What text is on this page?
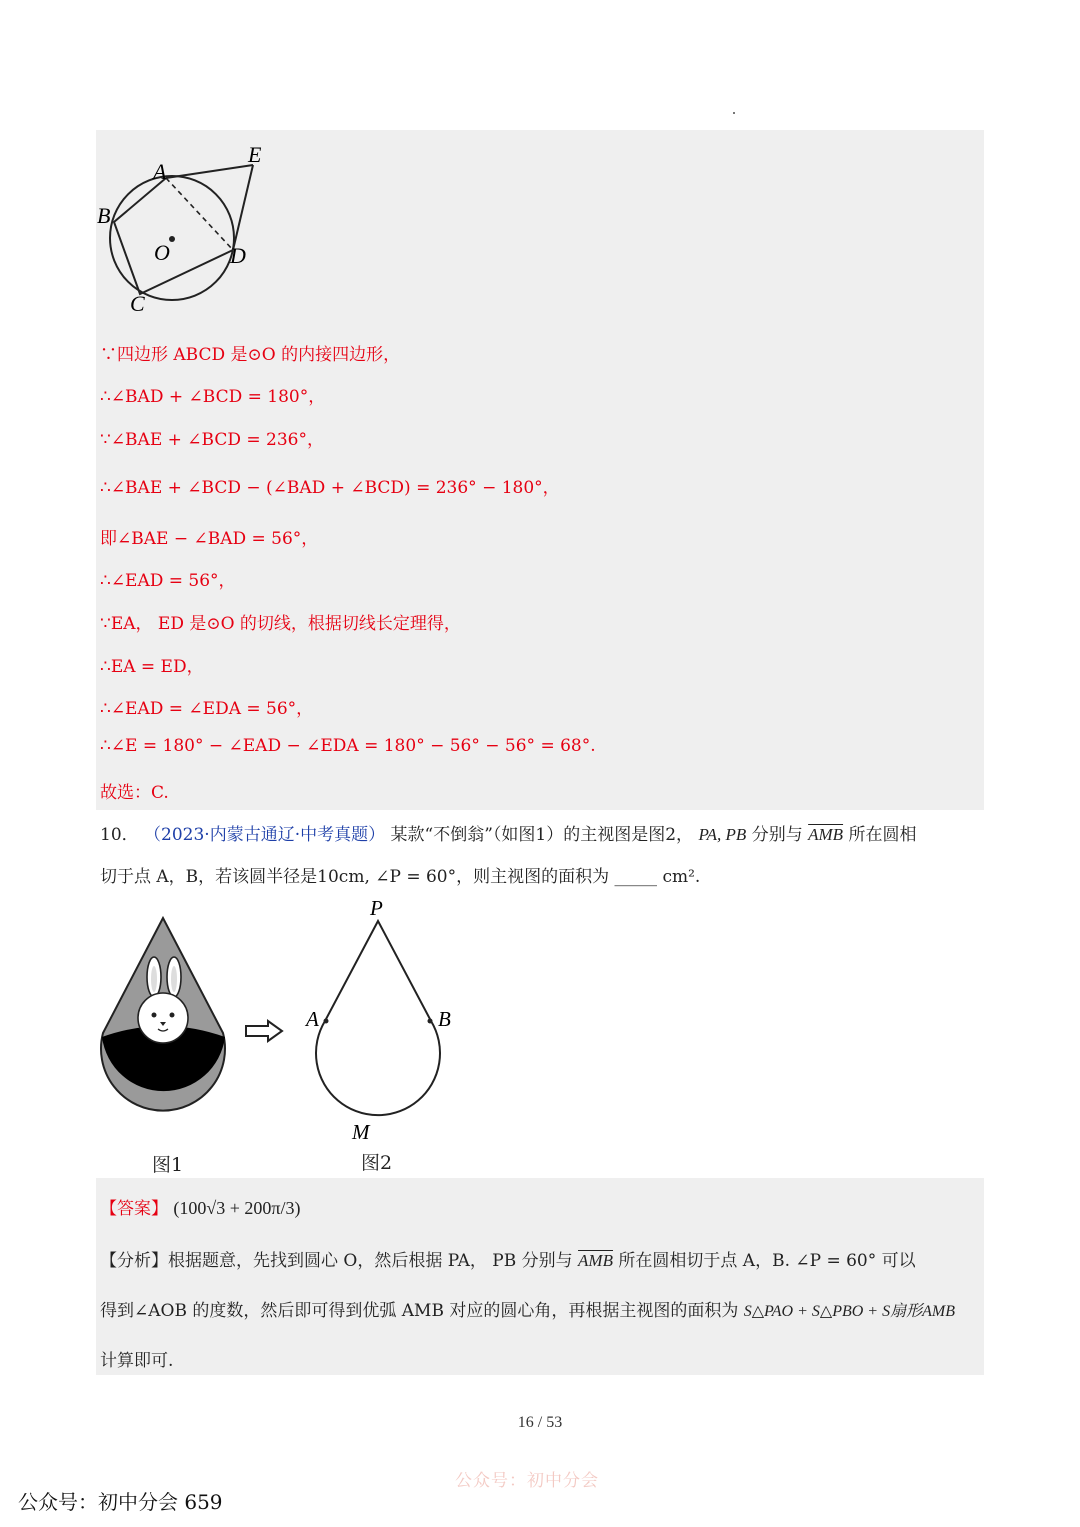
A
E
B
O	D
C
∵四边形 ABCD 是⊙O 的内接四边形，
∴∠BAD + ∠BCD = 180°，
∵∠BAE + ∠BCD = 236°，
∴∠BAE + ∠BCD − (∠BAD + ∠BCD) = 236° − 180°，
即∠BAE − ∠BAD = 56°，
∴∠EAD = 56°，
∵EA， ED 是⊙O 的切线，根据切线长定理得，
∴EA = ED，
∴∠EAD = ∠EDA = 56°，
∴∠E = 180° − ∠EAD − ∠EDA = 180° − 56° − 56° = 68°.
故选：C.
10． （2023·内蒙古通辽·中考真题） 某款“不倒翁”（如图1）的主视图是图2， PA, PB 分别与 $\overline{AMB}$ 所在圆相
切于点 A，B，若该圆半径是10cm, ∠P = 60°，则主视图的面积为 _____ cm².
P
A	B
M
图1	图2
【答案】 (100√3 + 200π/3)
【分析】根据题意，先找到圆心 O，然后根据 PA， PB 分别与 $\overline{AMB}$ 所在圆相切于点 A，B. ∠P = 60° 可以
得到∠AOB 的度数，然后即可得到优弧 AMB 对应的圆心角，再根据主视图的面积为 S△PAO + S△PBO + S扇形AMB
计算即可.
16 / 53
公众号：初中分会
公众号：初中分会 659
